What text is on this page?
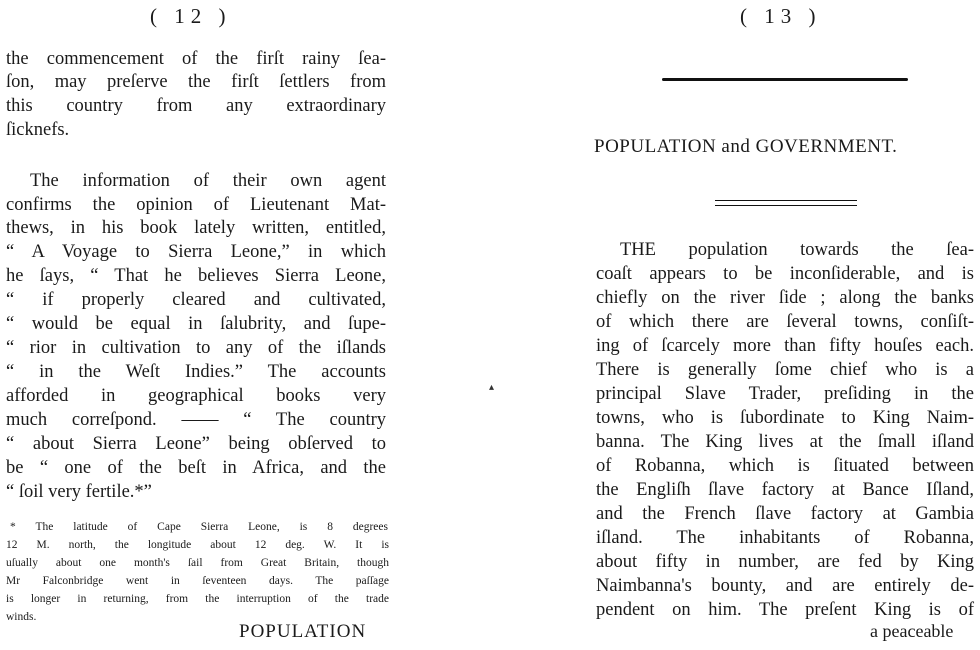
( 12 )
the commencement of the firſt rainy ſea-
ſon, may preſerve the firſt ſettlers from
this country from any extraordinary
ſicknefs.
The information of their own agent
confirms the opinion of Lieutenant Mat-
thews, in his book lately written, entitled,
“ A Voyage to Sierra Leone,” in which
he ſays, “ That he believes Sierra Leone,
“ if properly cleared and cultivated,
“ would be equal in ſalubrity, and ſupe-
“ rior in cultivation to any of the iſlands
“ in the Weſt Indies.” The accounts
afforded in geographical books very
much correſpond. —— “ The country
“ about Sierra Leone” being obſerved to
be “ one of the beſt in Africa, and the
“ ſoil very fertile.*”
* The latitude of Cape Sierra Leone, is 8 degrees
12 M. north, the longitude about 12 deg. W. It is
uſually about one month's ſail from Great Britain, though
Mr Falconbridge went in ſeventeen days. The paſſage
is longer in returning, from the interruption of the trade
winds.
POPULATION
▴
( 13 )
POPULATION and GOVERNMENT.
THE population towards the ſea-
coaſt appears to be inconſiderable, and is
chiefly on the river ſide ; along the banks
of which there are ſeveral towns, conſiſt-
ing of ſcarcely more than fifty houſes each.
There is generally ſome chief who is a
principal Slave Trader, preſiding in the
towns, who is ſubordinate to King Naim-
banna. The King lives at the ſmall iſland
of Robanna, which is ſituated between
the Engliſh ſlave factory at Bance Iſland,
and the French ſlave factory at Gambia
iſland. The inhabitants of Robanna,
about fifty in number, are fed by King
Naimbanna's bounty, and are entirely de-
pendent on him. The preſent King is of
a peaceable
